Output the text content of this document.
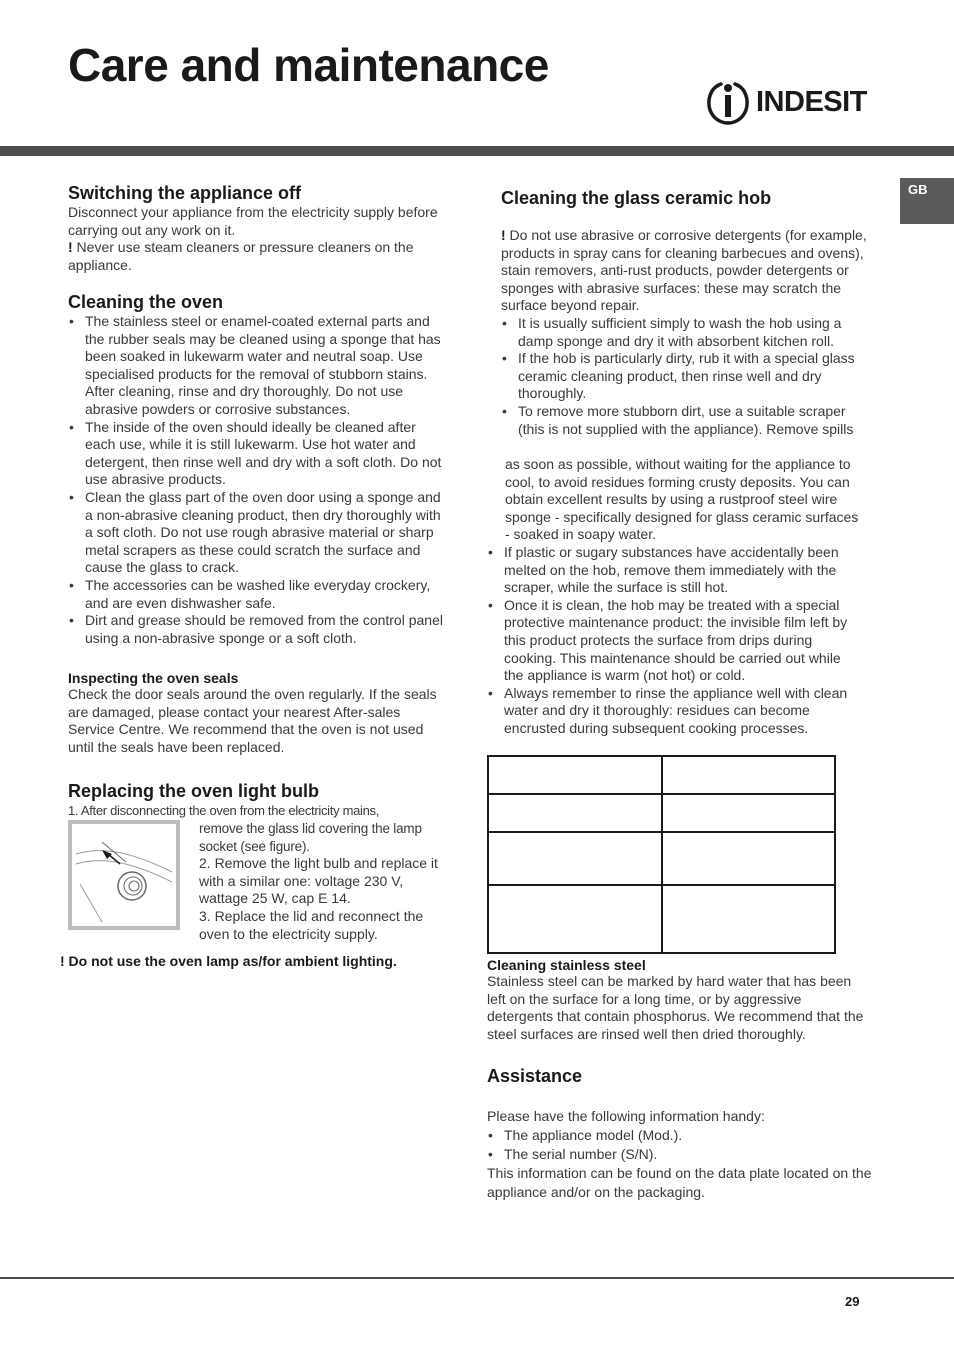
Care and maintenance
INDESIT
GB
Switching the appliance off

Disconnect your appliance from the electricity supply before carrying out any work on it.

! Never use steam cleaners or pressure cleaners on the appliance.

Cleaning the oven
• The stainless steel or enamel-coated external parts and the rubber seals may be cleaned using a sponge that has been soaked in lukewarm water and neutral soap. Use specialised products for the removal of stubborn stains. After cleaning, rinse and dry thoroughly. Do not use abrasive powders or corrosive substances.
• The inside of the oven should ideally be cleaned after each use, while it is still lukewarm. Use hot water and detergent, then rinse well and dry with a soft cloth. Do not use abrasive products.
• Clean the glass part of the oven door using a sponge and a non-abrasive cleaning product, then dry thoroughly with a soft cloth. Do not use rough abrasive material or sharp metal scrapers as these could scratch the surface and cause the glass to crack.
• The accessories can be washed like everyday crockery, and are even dishwasher safe.
• Dirt and grease should be removed from the control panel using a non-abrasive sponge or a soft cloth.
Inspecting the oven seals

Check the door seals around the oven regularly. If the seals are damaged, please contact your nearest After-sales Service Centre. We recommend that the oven is not used until the seals have been replaced.

Replacing the oven light bulb

1. After disconnecting the oven from the electricity mains,

remove the glass lid covering the lamp socket (see figure).

2. Remove the light bulb and replace it with a similar one: voltage 230 V, wattage 25 W, cap E 14.

3. Replace the lid and reconnect the oven to the electricity supply.

! Do not use the oven lamp as/for ambient lighting.

Cleaning the glass ceramic hob

! Do not use abrasive or corrosive detergents (for example, products in spray cans for cleaning barbecues and ovens), stain removers, anti-rust products, powder detergents or sponges with abrasive surfaces: these may scratch the surface beyond repair.

• It is usually sufficient simply to wash the hob using a damp sponge and dry it with absorbent kitchen roll.
• If the hob is particularly dirty, rub it with a special glass ceramic cleaning product, then rinse well and dry thoroughly.
• To remove more stubborn dirt, use a suitable scraper (this is not supplied with the appliance). Remove spills

as soon as possible, without waiting for the appliance to cool, to avoid residues forming crusty deposits. You can obtain excellent results by using a rustproof steel wire sponge - specifically designed for glass ceramic surfaces - soaked in soapy water.

• If plastic or sugary substances have accidentally been melted on the hob, remove them immediately with the scraper, while the surface is still hot.
• Once it is clean, the hob may be treated with a special protective maintenance product: the invisible film left by this product protects the surface from drips during cooking. This maintenance should be carried out while the appliance is warm (not hot) or cold.
• Always remember to rinse the appliance well with clean water and dry it thoroughly: residues can become encrusted during subsequent cooking processes.

Cleaning stainless steel

Stainless steel can be marked by hard water that has been left on the surface for a long time, or by aggressive detergents that contain phosphorus. We recommend that the steel surfaces are rinsed well then dried thoroughly.

Assistance

Please have the following information handy:

• The appliance model (Mod.).
• The serial number (S/N).

This information can be found on the data plate located on the appliance and/or on the packaging.

29
